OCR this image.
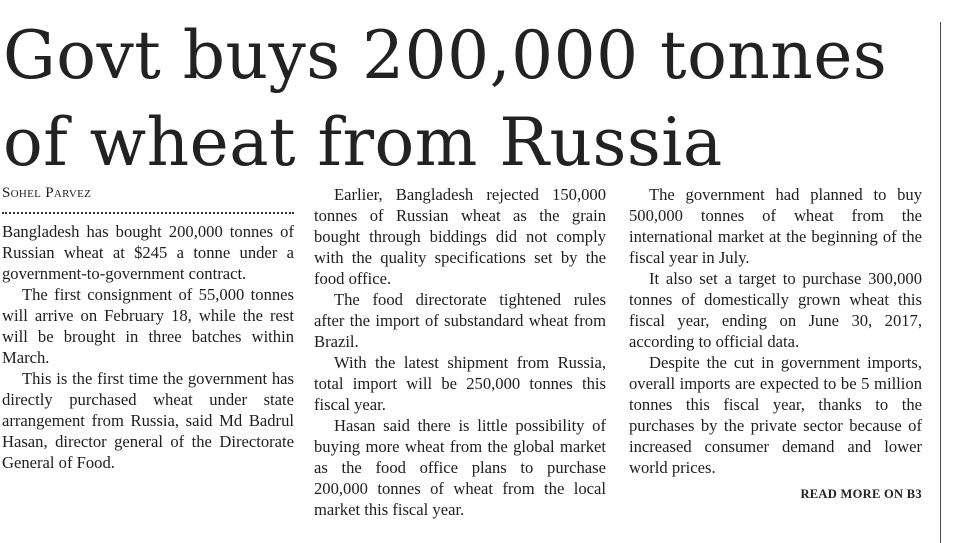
Govt buys 200,000 tonnes of wheat from Russia
Sohel Parvez

Bangladesh has bought 200,000 tonnes of Russian wheat at $245 a tonne under a government-to-government contract.

The first consignment of 55,000 tonnes will arrive on February 18, while the rest will be brought in three batches within March.

This is the first time the government has directly purchased wheat under state arrangement from Russia, said Md Badrul Hasan, director general of the Directorate General of Food.

Earlier, Bangladesh rejected 150,000 tonnes of Russian wheat as the grain bought through biddings did not comply with the quality specifications set by the food office.

The food directorate tightened rules after the import of substandard wheat from Brazil.

With the latest shipment from Russia, total import will be 250,000 tonnes this fiscal year.

Hasan said there is little possibility of buying more wheat from the global market as the food office plans to purchase 200,000 tonnes of wheat from the local market this fiscal year.

The government had planned to buy 500,000 tonnes of wheat from the international market at the beginning of the fiscal year in July.

It also set a target to purchase 300,000 tonnes of domestically grown wheat this fiscal year, ending on June 30, 2017, according to official data.

Despite the cut in government imports, overall imports are expected to be 5 million tonnes this fiscal year, thanks to the purchases by the private sector because of increased consumer demand and lower world prices.

READ MORE ON B3
